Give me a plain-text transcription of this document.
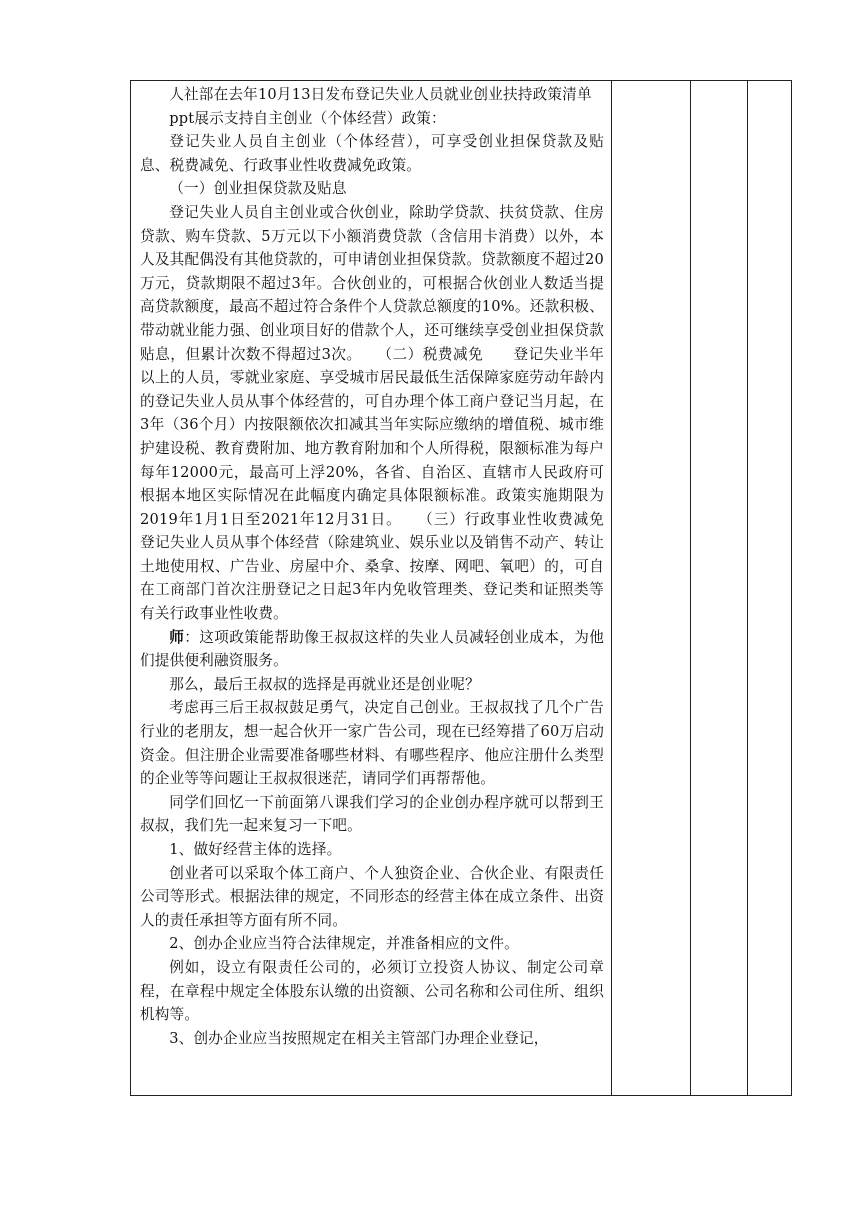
人社部在去年10月13日发布登记失业人员就业创业扶持政策清单

ppt展示支持自主创业（个体经营）政策：

登记失业人员自主创业（个体经营），可享受创业担保贷款及贴息、税费减免、行政事业性收费减免政策。

（一）创业担保贷款及贴息

登记失业人员自主创业或合伙创业，除助学贷款、扶贫贷款、住房贷款、购车贷款、5万元以下小额消费贷款（含信用卡消费）以外，本人及其配偶没有其他贷款的，可申请创业担保贷款。贷款额度不超过20万元，贷款期限不超过3年。合伙创业的，可根据合伙创业人数适当提高贷款额度，最高不超过符合条件个人贷款总额度的10%。还款积极、带动就业能力强、创业项目好的借款个人，还可继续享受创业担保贷款贴息，但累计次数不得超过3次。　　（二）税费减免　　登记失业半年以上的人员，零就业家庭、享受城市居民最低生活保障家庭劳动年龄内的登记失业人员从事个体经营的，可自办理个体工商户登记当月起，在3年（36个月）内按限额依次扣减其当年实际应缴纳的增值税、城市维护建设税、教育费附加、地方教育附加和个人所得税，限额标准为每户每年12000元，最高可上浮20%，各省、自治区、直辖市人民政府可根据本地区实际情况在此幅度内确定具体限额标准。政策实施期限为2019年1月1日至2021年12月31日。　　（三）行政事业性收费减免　　登记失业人员从事个体经营（除建筑业、娱乐业以及销售不动产、转让土地使用权、广告业、房屋中介、桑拿、按摩、网吧、氧吧）的，可自在工商部门首次注册登记之日起3年内免收管理类、登记类和证照类等有关行政事业性收费。

师：这项政策能帮助像王叔叔这样的失业人员减轻创业成本，为他们提供便利融资服务。

那么，最后王叔叔的选择是再就业还是创业呢？

考虑再三后王叔叔鼓足勇气，决定自己创业。王叔叔找了几个广告行业的老朋友，想一起合伙开一家广告公司，现在已经筹措了60万启动资金。但注册企业需要准备哪些材料、有哪些程序、他应注册什么类型的企业等等问题让王叔叔很迷茫，请同学们再帮帮他。

同学们回忆一下前面第八课我们学习的企业创办程序就可以帮到王叔叔，我们先一起来复习一下吧。

1、做好经营主体的选择。

创业者可以采取个体工商户、个人独资企业、合伙企业、有限责任公司等形式。根据法律的规定，不同形态的经营主体在成立条件、出资人的责任承担等方面有所不同。

2、创办企业应当符合法律规定，并准备相应的文件。

例如，设立有限责任公司的，必须订立投资人协议、制定公司章程，在章程中规定全体股东认缴的出资额、公司名称和公司住所、组织机构等。

3、创办企业应当按照规定在相关主管部门办理企业登记，
